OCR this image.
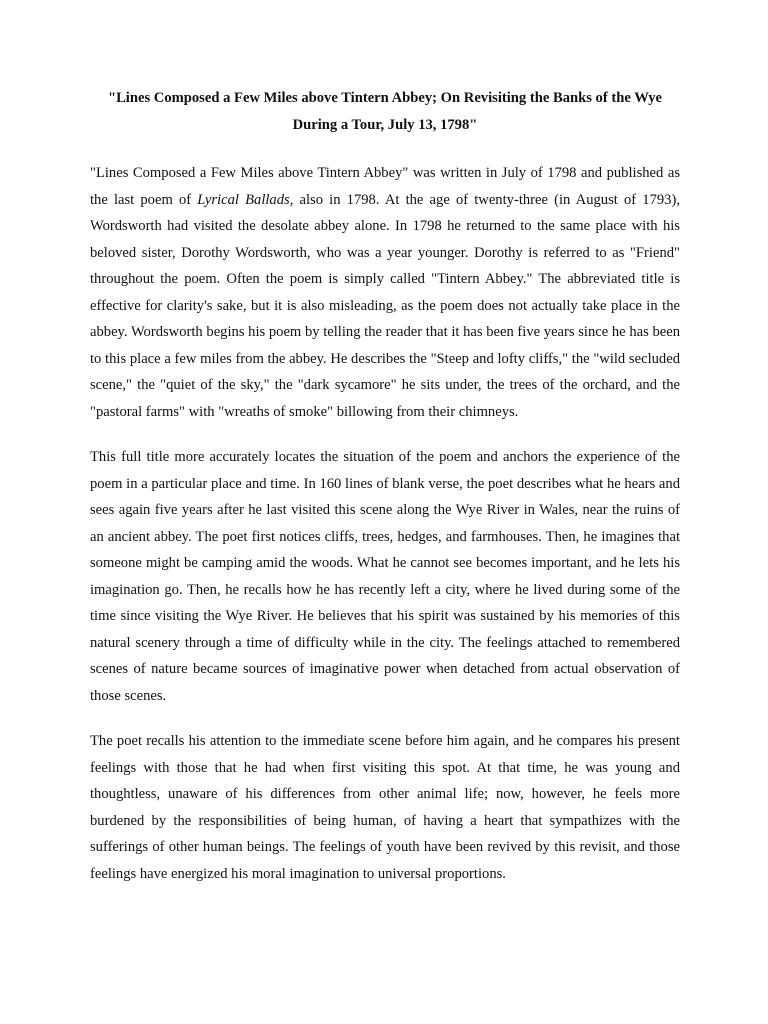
"Lines Composed a Few Miles above Tintern Abbey; On Revisiting the Banks of the Wye
During a Tour, July 13, 1798"

"Lines Composed a Few Miles above Tintern Abbey" was written in July of 1798 and published as the last poem of Lyrical Ballads, also in 1798. At the age of twenty-three (in August of 1793), Wordsworth had visited the desolate abbey alone. In 1798 he returned to the same place with his beloved sister, Dorothy Wordsworth, who was a year younger. Dorothy is referred to as "Friend" throughout the poem. Often the poem is simply called "Tintern Abbey." The abbreviated title is effective for clarity's sake, but it is also misleading, as the poem does not actually take place in the abbey. Wordsworth begins his poem by telling the reader that it has been five years since he has been to this place a few miles from the abbey. He describes the "Steep and lofty cliffs," the "wild secluded scene," the "quiet of the sky," the "dark sycamore" he sits under, the trees of the orchard, and the "pastoral farms" with "wreaths of smoke" billowing from their chimneys.

This full title more accurately locates the situation of the poem and anchors the experience of the poem in a particular place and time. In 160 lines of blank verse, the poet describes what he hears and sees again five years after he last visited this scene along the Wye River in Wales, near the ruins of an ancient abbey. The poet first notices cliffs, trees, hedges, and farmhouses. Then, he imagines that someone might be camping amid the woods. What he cannot see becomes important, and he lets his imagination go. Then, he recalls how he has recently left a city, where he lived during some of the time since visiting the Wye River. He believes that his spirit was sustained by his memories of this natural scenery through a time of difficulty while in the city. The feelings attached to remembered scenes of nature became sources of imaginative power when detached from actual observation of those scenes.

The poet recalls his attention to the immediate scene before him again, and he compares his present feelings with those that he had when first visiting this spot. At that time, he was young and thoughtless, unaware of his differences from other animal life; now, however, he feels more burdened by the responsibilities of being human, of having a heart that sympathizes with the sufferings of other human beings. The feelings of youth have been revived by this revisit, and those feelings have energized his moral imagination to universal proportions.
